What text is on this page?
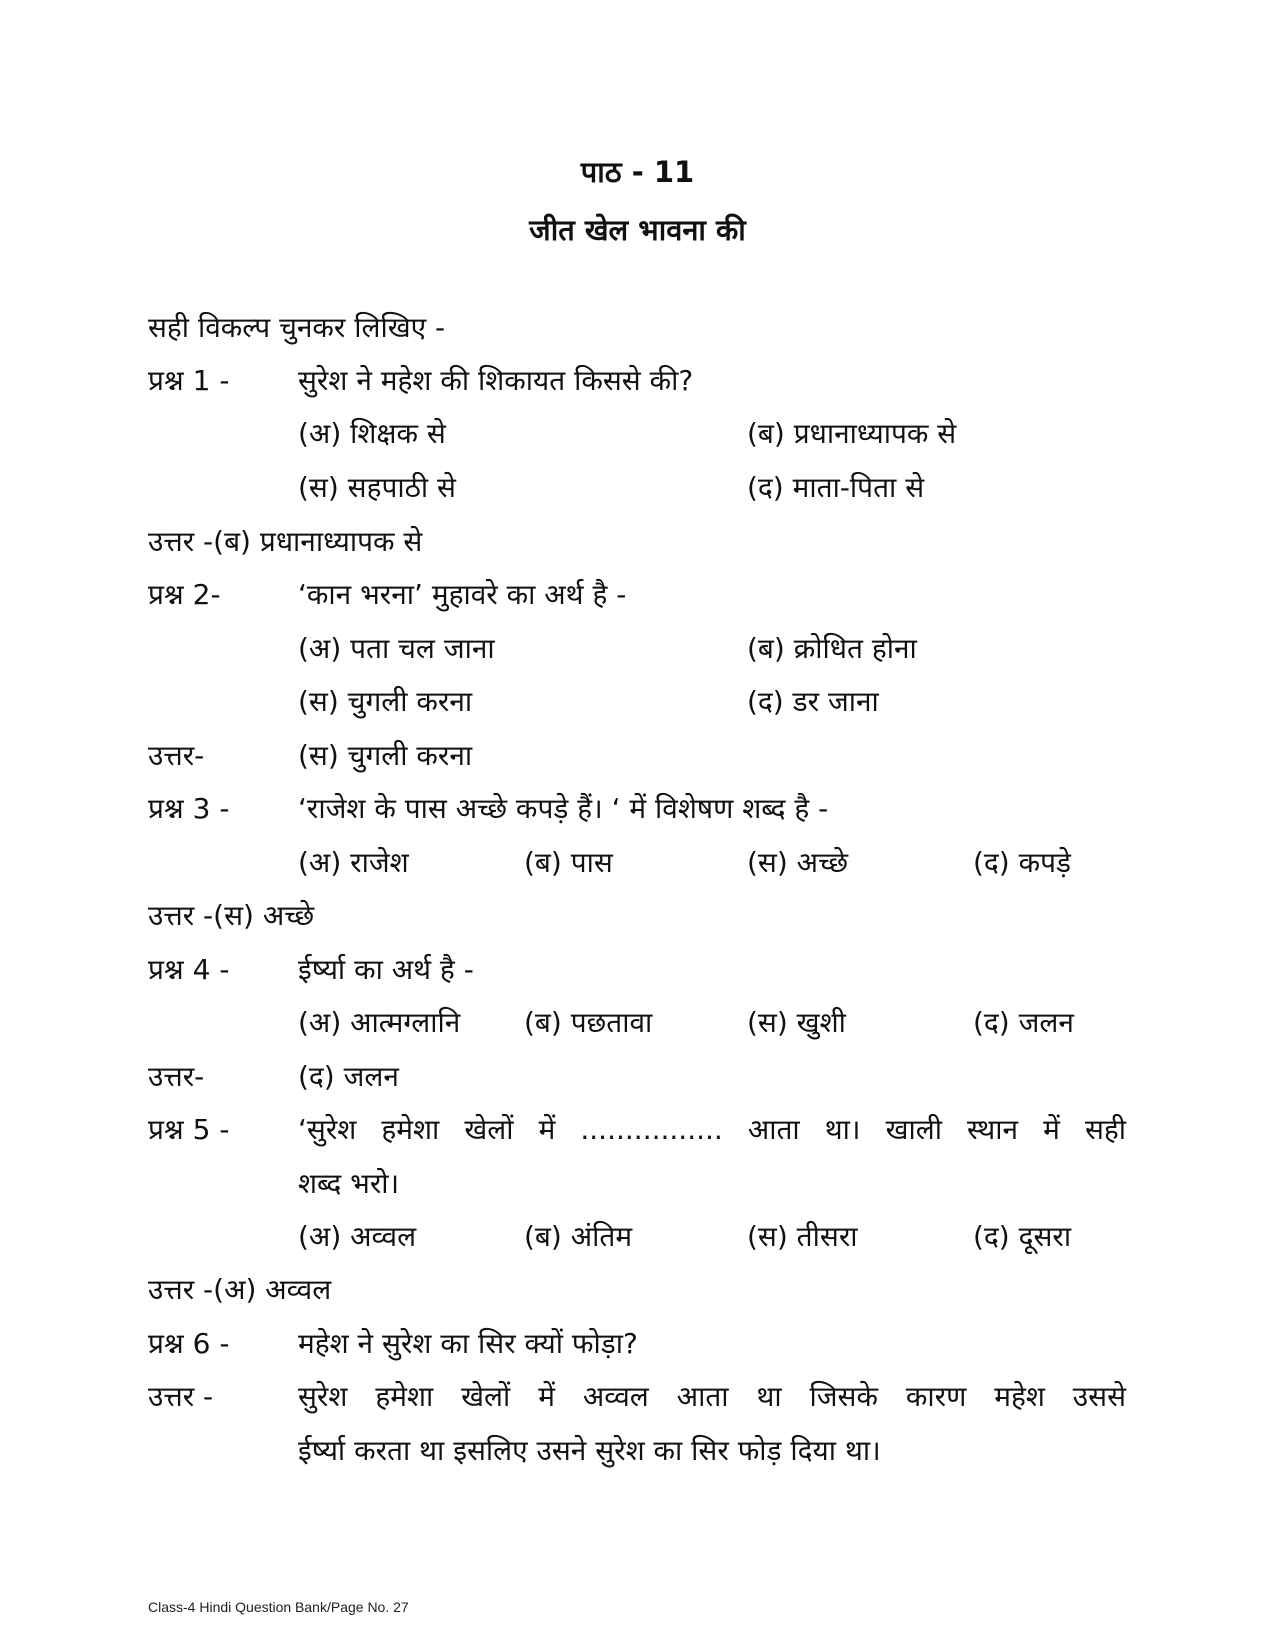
पाठ - 11
जीत खेल भावना की
सही विकल्प चुनकर लिखिए -
प्रश्न 1 - सुरेश ने महेश की शिकायत किससे की?
(अ) शिक्षक से	(ब) प्रधानाध्यापक से
(स) सहपाठी से	(द) माता-पिता से
उत्तर -(ब) प्रधानाध्यापक से
प्रश्न 2-	‘कान भरना’ मुहावरे का अर्थ है -
(अ) पता चल जाना	(ब) क्रोधित होना
(स) चुगली करना	(द) डर जाना
उत्तर-	(स) चुगली करना
प्रश्न 3 - ‘राजेश के पास अच्छे कपड़े हैं। ‘ में विशेषण शब्द है -
(अ) राजेश	(ब) पास	(स) अच्छे	(द) कपड़े
उत्तर -(स) अच्छे
प्रश्न 4 - ईर्ष्या का अर्थ है -
(अ) आत्मग्लानि (ब) पछतावा	(स) खुशी	(द) जलन
उत्तर-	(द) जलन
प्रश्न 5 - ‘सुरेश हमेशा खेलों में ................ आता था। खाली स्थान में सही
शब्द भरो।
(अ) अव्वल	(ब) अंतिम	(स) तीसरा	(द) दूसरा
उत्तर -(अ) अव्वल
प्रश्न 6 - महेश ने सुरेश का सिर क्यों फोड़ा?
उत्तर -	सुरेश हमेशा खेलों में अव्वल आता था जिसके कारण महेश उससे
ईर्ष्या करता था इसलिए उसने सुरेश का सिर फोड़ दिया था।
Class-4 Hindi Question Bank/Page No. 27
